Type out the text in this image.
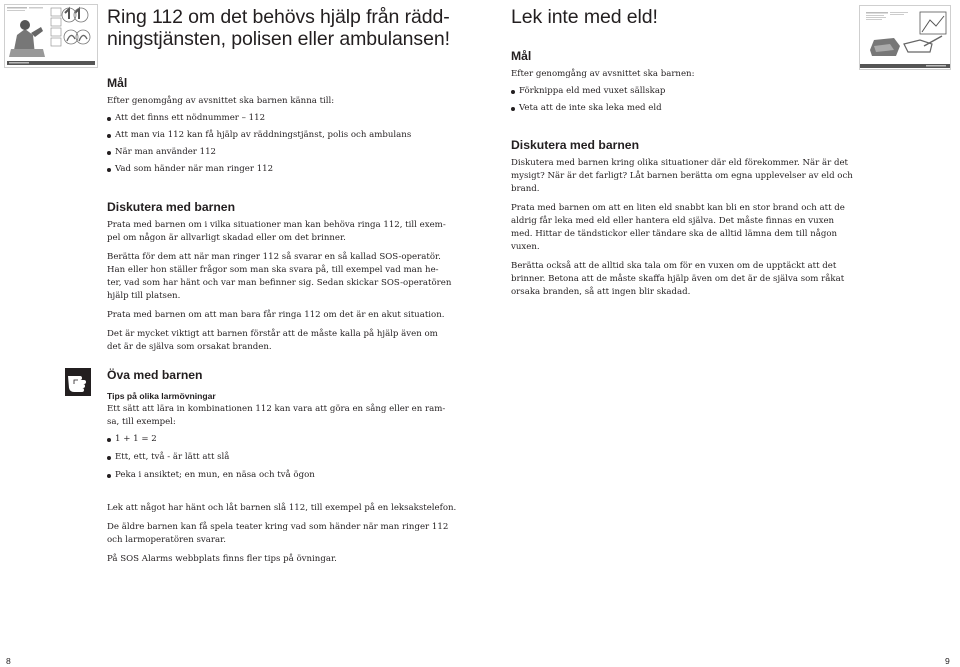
Ring 112 om det behövs hjälp från rädd-
ningstjänsten, polisen eller ambulansen!
Mål

Efter genomgång av avsnittet ska barnen känna till:

Att det finns ett nödnummer – 112
Att man via 112 kan få hjälp av räddningstjänst, polis och ambulans
När man använder 112
Vad som händer när man ringer 112
Diskutera med barnen

Prata med barnen om i vilka situationer man kan behöva ringa 112, till exem-
pel om någon är allvarligt skadad eller om det brinner.

Berätta för dem att när man ringer 112 så svarar en så kallad SOS-operatör.
Han eller hon ställer frågor som man ska svara på, till exempel vad man he-
ter, vad som har hänt och var man befinner sig. Sedan skickar SOS-operatören
hjälp till platsen.

Prata med barnen om att man bara får ringa 112 om det är en akut situation.

Det är mycket viktigt att barnen förstår att de måste kalla på hjälp även om
det är de själva som orsakat branden.

Öva med barnen
Tips på olika larmövningar

Ett sätt att lära in kombinationen 112 kan vara att göra en sång eller en ram-
sa, till exempel:

1 + 1 = 2
Ett, ett, två - är lätt att slå
Peka i ansiktet; en mun, en näsa och två ögon

Lek att något har hänt och låt barnen slå 112, till exempel på en leksakstelefon.

De äldre barnen kan få spela teater kring vad som händer när man ringer 112
och larmoperatören svarar.

På SOS Alarms webbplats finns fler tips på övningar.

8
Lek inte med eld!
Mål

Efter genomgång av avsnittet ska barnen:

Förknippa eld med vuxet sällskap
Veta att de inte ska leka med eld
Diskutera med barnen

Diskutera med barnen kring olika situationer där eld förekommer. När är det
mysigt? När är det farligt? Låt barnen berätta om egna upplevelser av eld och
brand.

Prata med barnen om att en liten eld snabbt kan bli en stor brand och att de
aldrig får leka med eld eller hantera eld själva. Det måste finnas en vuxen
med. Hittar de tändstickor eller tändare ska de alltid lämna dem till någon
vuxen.

Berätta också att de alltid ska tala om för en vuxen om de upptäckt att det
brinner. Betona att de måste skaffa hjälp även om det är de själva som råkat
orsaka branden, så att ingen blir skadad.

9
